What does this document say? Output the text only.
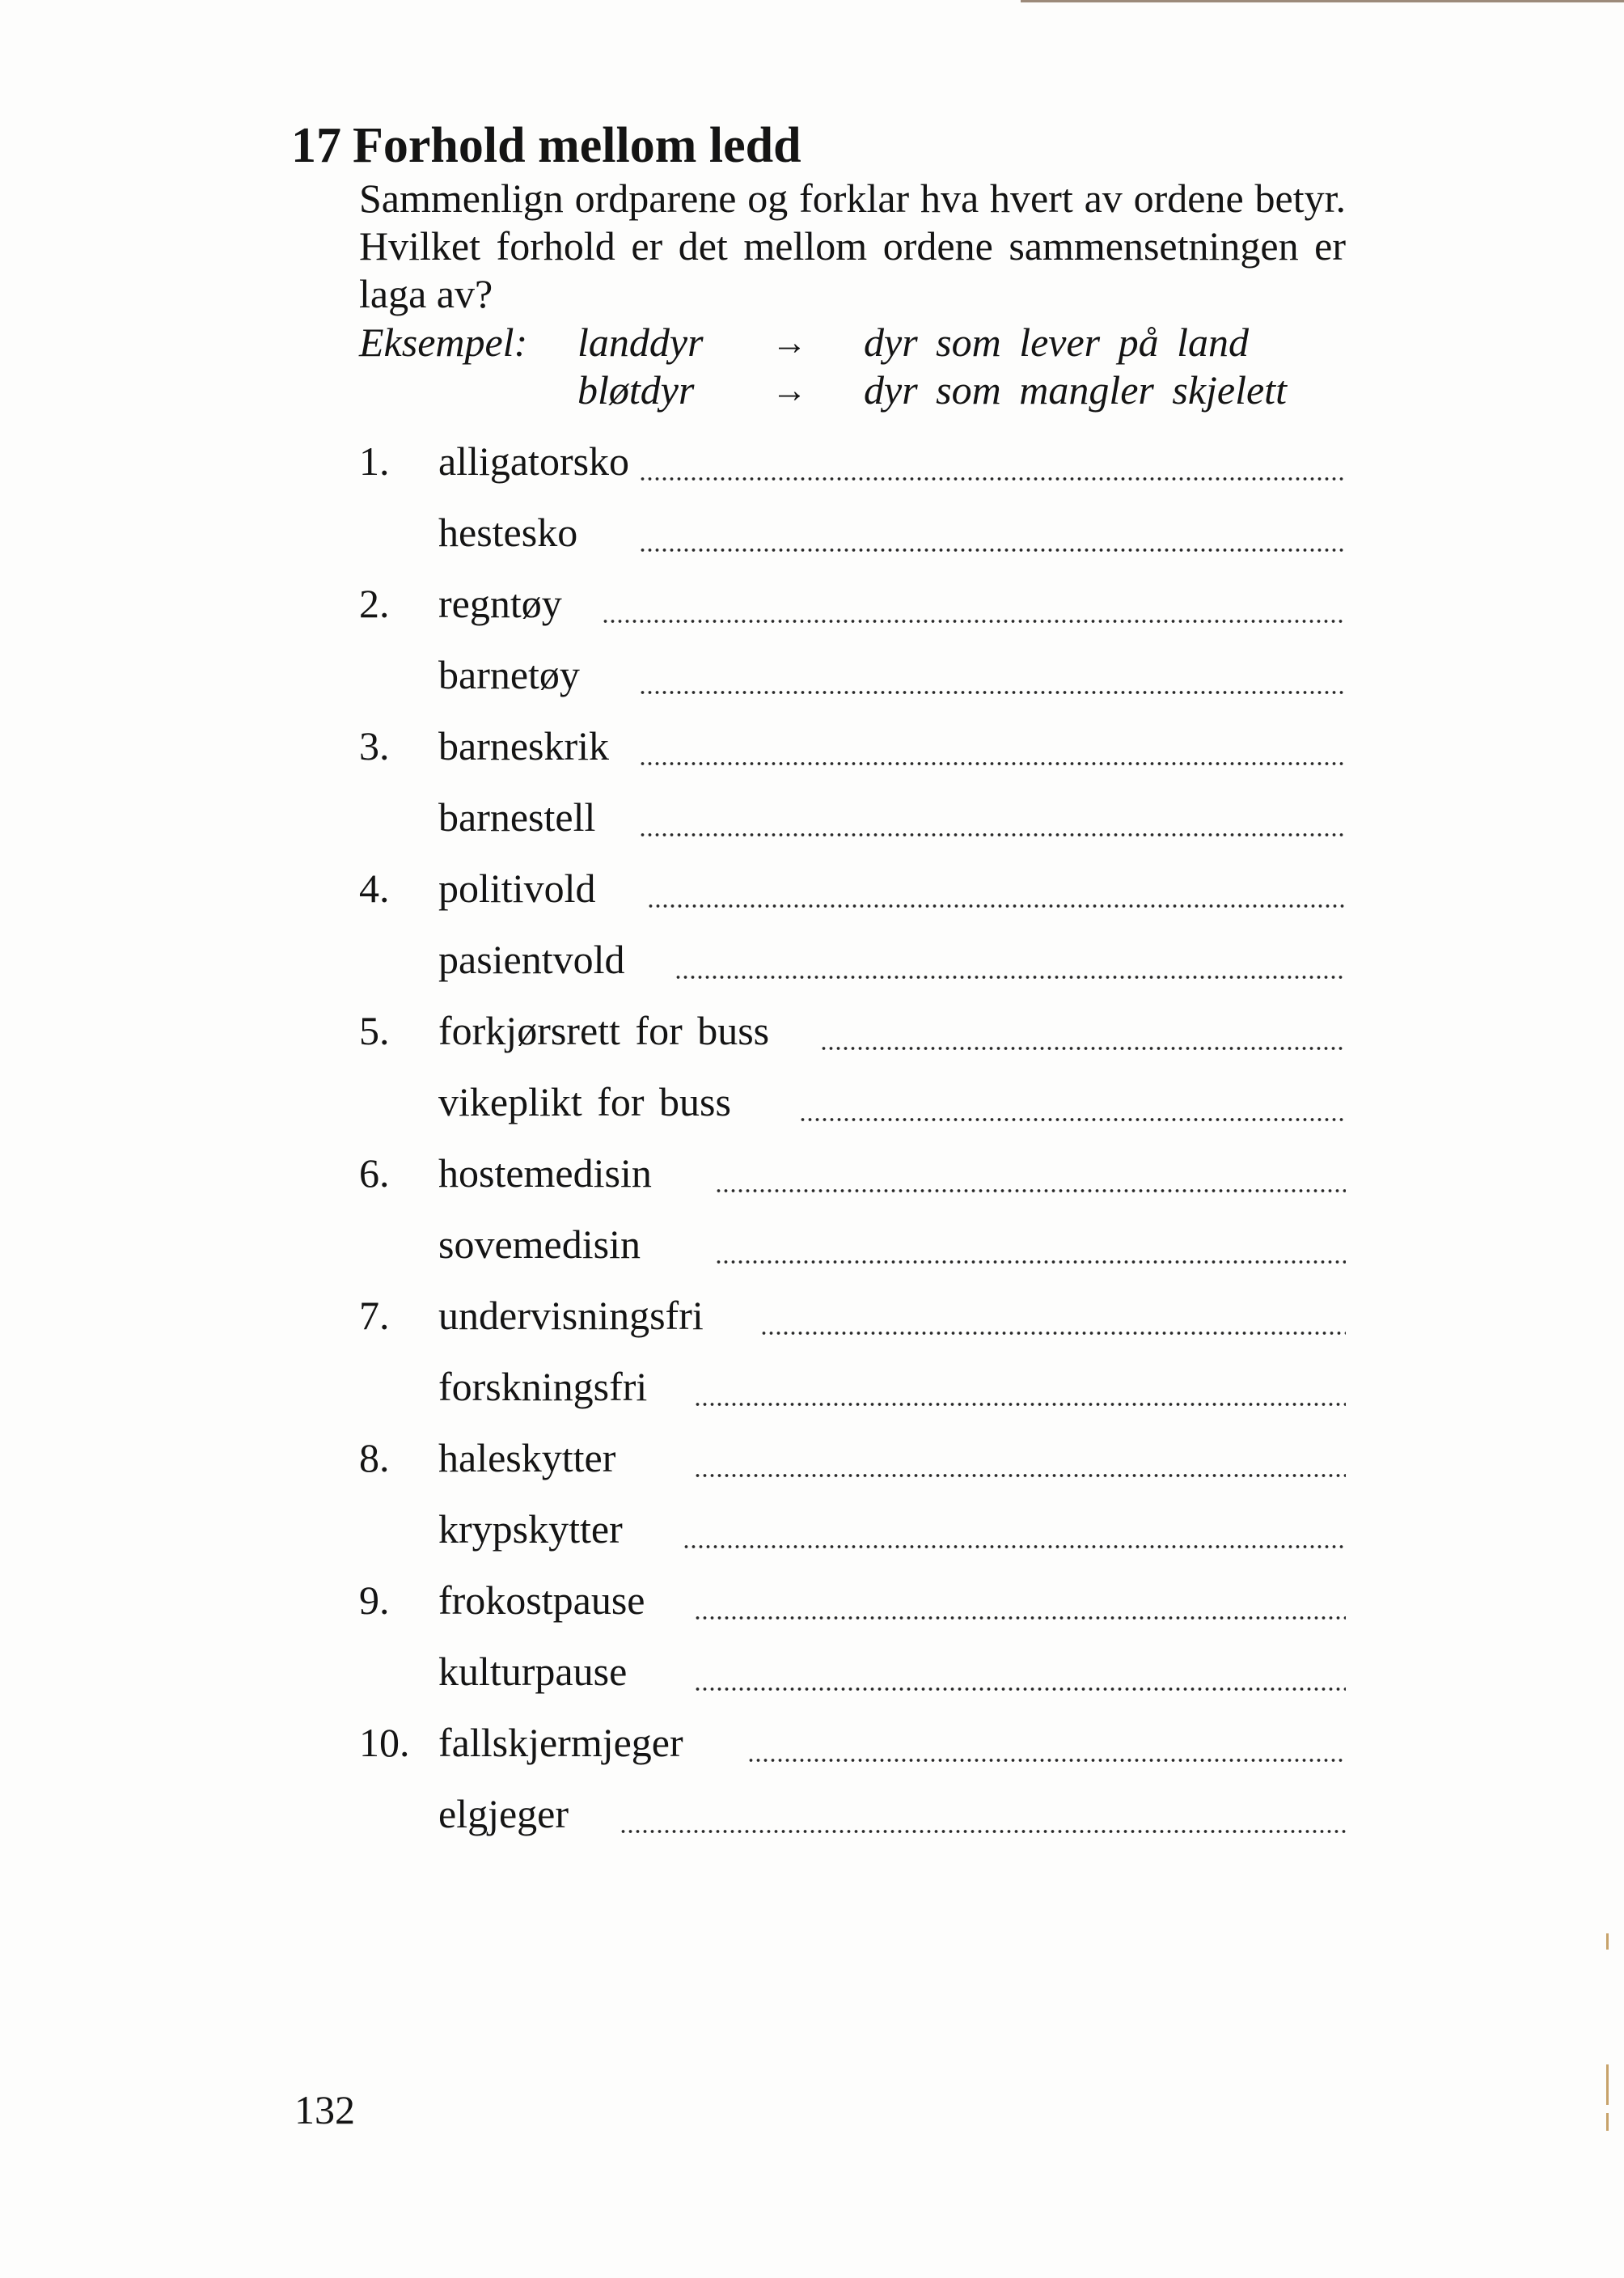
17 Forhold mellom ledd
Sammenlign ordparene og forklar hva hvert av ordene betyr. Hvilket forhold er det mellom ordene sammensetningen er laga av?
Eksempel: landdyr → dyr som lever på land
bløtdyr → dyr som mangler skjelett
1.	alligatorsko
hestesko
2.	regntøy
barnetøy
3.	barneskrik
barnestell
4.	politivold
pasientvold
5.	forkjørsrett for buss
vikeplikt for buss
6.	hostemedisin
sovemedisin
7.	undervisningsfri
forskningsfri
8.	haleskytter
krypskytter
9.	frokostpause
kulturpause
10. fallskjermjeger
elgjeger
132
